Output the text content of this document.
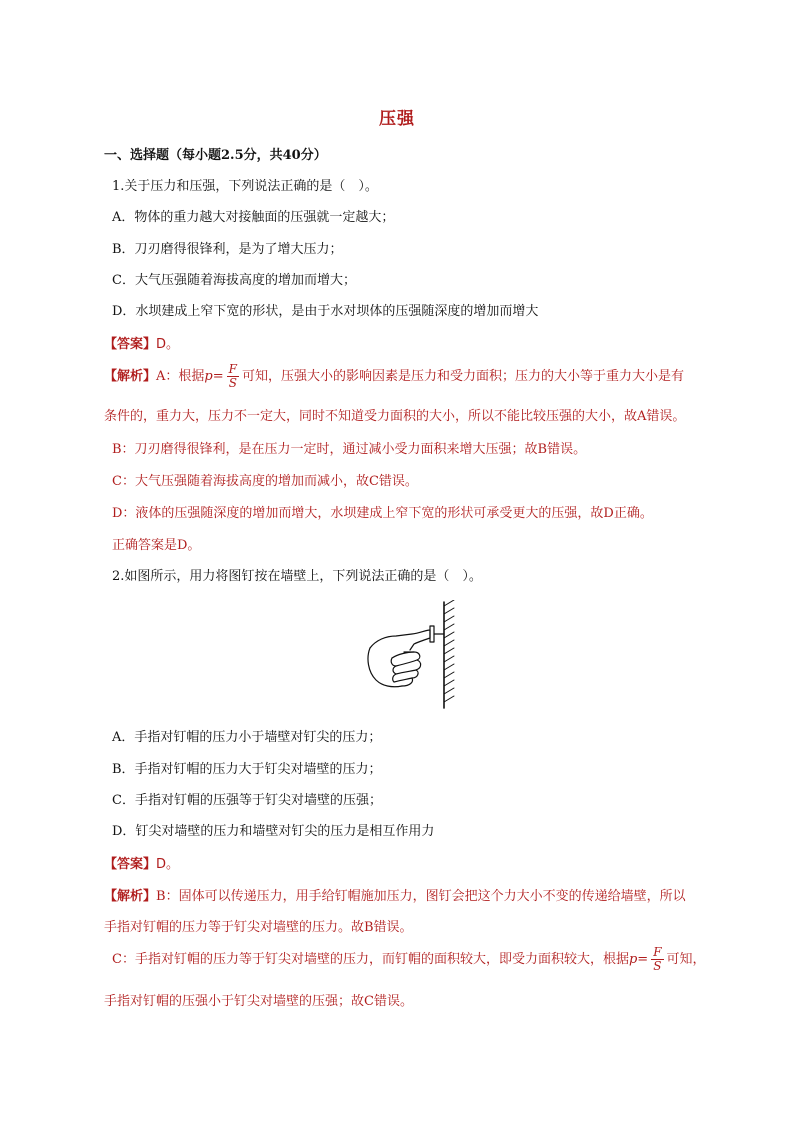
压强
一、选择题（每小题2.5分，共40分）
1.关于压力和压强，下列说法正确的是（　）。
A．物体的重力越大对接触面的压强就一定越大；
B．刀刃磨得很锋利，是为了增大压力；
C．大气压强随着海拔高度的增加而增大；
D．水坝建成上窄下宽的形状，是由于水对坝体的压强随深度的增加而增大
【答案】D。
【解析】A：根据$p= \frac{F}{S}$ 可知，压强大小的影响因素是压力和受力面积；压力的大小等于重力大小是有
条件的，重力大，压力不一定大，同时不知道受力面积的大小，所以不能比较压强的大小，故A错误。
B：刀刃磨得很锋利，是在压力一定时，通过减小受力面积来增大压强；故B错误。
C：大气压强随着海拔高度的增加而减小，故C错误。
D：液体的压强随深度的增加而增大，水坝建成上窄下宽的形状可承受更大的压强，故D正确。
正确答案是D。
2.如图所示，用力将图钉按在墙壁上，下列说法正确的是（　）。
A．手指对钉帽的压力小于墙壁对钉尖的压力；
B．手指对钉帽的压力大于钉尖对墙壁的压力；
C．手指对钉帽的压强等于钉尖对墙壁的压强；
D．钉尖对墙壁的压力和墙壁对钉尖的压力是相互作用力
【答案】D。
【解析】B：固体可以传递压力，用手给钉帽施加压力，图钉会把这个力大小不变的传递给墙壁，所以
手指对钉帽的压力等于钉尖对墙壁的压力。故B错误。
C：手指对钉帽的压力等于钉尖对墙壁的压力，而钉帽的面积较大，即受力面积较大，根据$p= \frac{F}{S}$ 可知，
手指对钉帽的压强小于钉尖对墙壁的压强；故C错误。
